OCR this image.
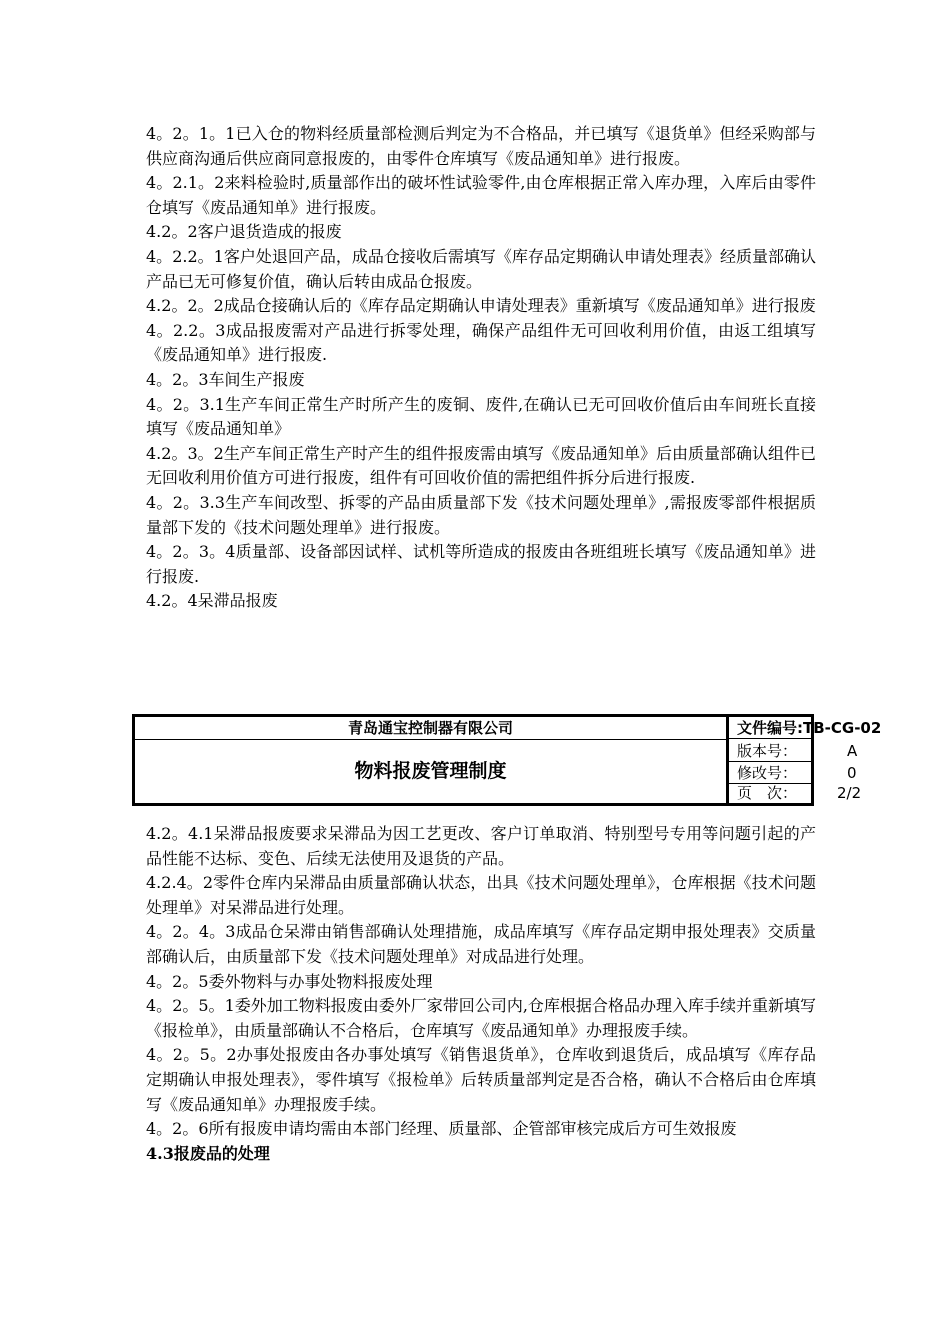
4。2。1。1已入仓的物料经质量部检测后判定为不合格品，并已填写《退货单》但经采购部与供应商沟通后供应商同意报废的，由零件仓库填写《废品通知单》进行报废。

4。2.1。2来料检验时,质量部作出的破坏性试验零件,由仓库根据正常入库办理，入库后由零件仓填写《废品通知单》进行报废。

4.2。2客户退货造成的报废

4。2.2。1客户处退回产品，成品仓接收后需填写《库存品定期确认申请处理表》经质量部确认产品已无可修复价值，确认后转由成品仓报废。

4.2。2。2成品仓接确认后的《库存品定期确认申请处理表》重新填写《废品通知单》进行报废

4。2.2。3成品报废需对产品进行拆零处理，确保产品组件无可回收利用价值，由返工组填写《废品通知单》进行报废.

4。2。3车间生产报废

4。2。3.1生产车间正常生产时所产生的废铜、废件,在确认已无可回收价值后由车间班长直接填写《废品通知单》

4.2。3。2生产车间正常生产时产生的组件报废需由填写《废品通知单》后由质量部确认组件已无回收利用价值方可进行报废，组件有可回收价值的需把组件拆分后进行报废.

4。2。3.3生产车间改型、拆零的产品由质量部下发《技术问题处理单》,需报废零部件根据质量部下发的《技术问题处理单》进行报废。

4。2。3。4质量部、设备部因试样、试机等所造成的报废由各班组班长填写《废品通知单》进行报废.

4.2。4呆滞品报废

青岛通宝控制器有限公司
物料报废管理制度
文件编号:TB-CG-02
版本号：	A
修改号：	0
页　次：	2/2

4.2。4.1呆滞品报废要求呆滞品为因工艺更改、客户订单取消、特别型号专用等问题引起的产品性能不达标、变色、后续无法使用及退货的产品。

4.2.4。2零件仓库内呆滞品由质量部确认状态，出具《技术问题处理单》，仓库根据《技术问题处理单》对呆滞品进行处理。

4。2。4。3成品仓呆滞由销售部确认处理措施，成品库填写《库存品定期申报处理表》交质量部确认后，由质量部下发《技术问题处理单》对成品进行处理。

4。2。5委外物料与办事处物料报废处理

4。2。5。1委外加工物料报废由委外厂家带回公司内,仓库根据合格品办理入库手续并重新填写《报检单》，由质量部确认不合格后，仓库填写《废品通知单》办理报废手续。

4。2。5。2办事处报废由各办事处填写《销售退货单》，仓库收到退货后，成品填写《库存品定期确认申报处理表》，零件填写《报检单》后转质量部判定是否合格，确认不合格后由仓库填写《废品通知单》办理报废手续。

4。2。6所有报废申请均需由本部门经理、质量部、企管部审核完成后方可生效报废

4.3报废品的处理
